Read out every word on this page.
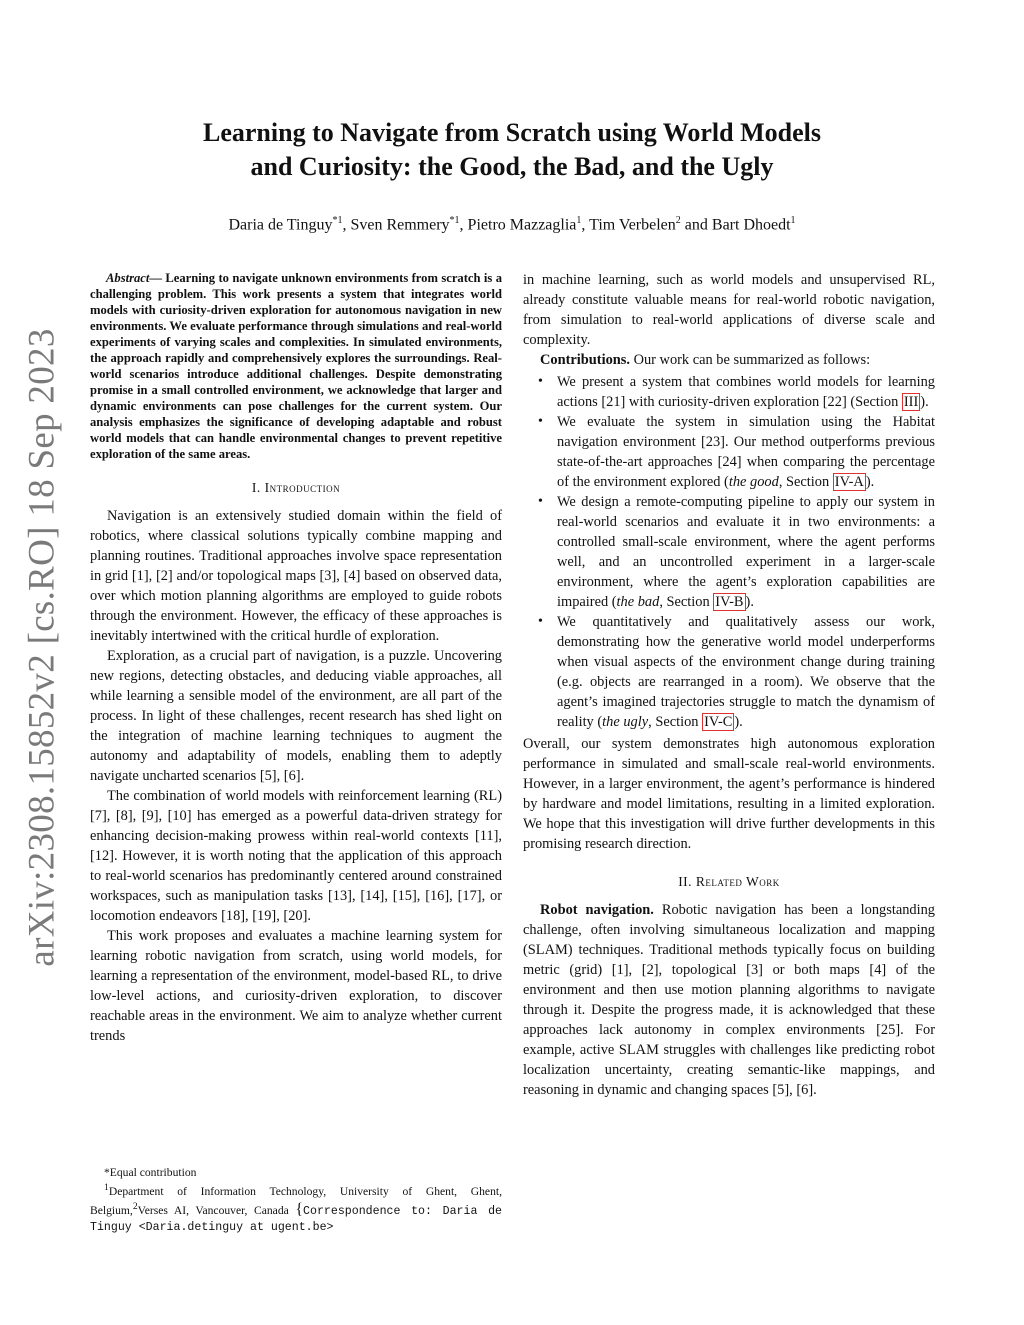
arXiv:2308.15852v2 [cs.RO] 18 Sep 2023
Learning to Navigate from Scratch using World Models
and Curiosity: the Good, the Bad, and the Ugly
Daria de Tinguy$^{*1}$, Sven Remmery$^{*1}$, Pietro Mazzaglia$^1$, Tim Verbelen$^2$ and Bart Dhoedt$^1$

Abstract— Learning to navigate unknown environments from scratch is a challenging problem. This work presents a system that integrates world models with curiosity-driven exploration for autonomous navigation in new environments. We evaluate performance through simulations and real-world experiments of varying scales and complexities. In simulated environments, the approach rapidly and comprehensively explores the surroundings. Real-world scenarios introduce additional challenges. Despite demonstrating promise in a small controlled environment, we acknowledge that larger and dynamic environments can pose challenges for the current system. Our analysis emphasizes the significance of developing adaptable and robust world models that can handle environmental changes to prevent repetitive exploration of the same areas.

I. Introduction

Navigation is an extensively studied domain within the field of robotics, where classical solutions typically combine mapping and planning routines. Traditional approaches involve space representation in grid [1], [2] and/or topological maps [3], [4] based on observed data, over which motion planning algorithms are employed to guide robots through the environment. However, the efficacy of these approaches is inevitably intertwined with the critical hurdle of exploration.

Exploration, as a crucial part of navigation, is a puzzle. Uncovering new regions, detecting obstacles, and deducing viable approaches, all while learning a sensible model of the environment, are all part of the process. In light of these challenges, recent research has shed light on the integration of machine learning techniques to augment the autonomy and adaptability of models, enabling them to adeptly navigate uncharted scenarios [5], [6].

The combination of world models with reinforcement learning (RL) [7], [8], [9], [10] has emerged as a powerful data-driven strategy for enhancing decision-making prowess within real-world contexts [11], [12]. However, it is worth noting that the application of this approach to real-world scenarios has predominantly centered around constrained workspaces, such as manipulation tasks [13], [14], [15], [16], [17], or locomotion endeavors [18], [19], [20].

This work proposes and evaluates a machine learning system for learning robotic navigation from scratch, using world models, for learning a representation of the environment, model-based RL, to drive low-level actions, and curiosity-driven exploration, to discover reachable areas in the environment. We aim to analyze whether current trends

in machine learning, such as world models and unsupervised RL, already constitute valuable means for real-world robotic navigation, from simulation to real-world applications of diverse scale and complexity.

Contributions. Our work can be summarized as follows:

• We present a system that combines world models for learning actions [21] with curiosity-driven exploration [22] (Section III ).
• We evaluate the system in simulation using the Habitat navigation environment [23]. Our method outperforms previous state-of-the-art approaches [24] when comparing the percentage of the environment explored (the good, Section IV-A ).
• We design a remote-computing pipeline to apply our system in real-world scenarios and evaluate it in two environments: a controlled small-scale environment, where the agent performs well, and an uncontrolled experiment in a larger-scale environment, where the agent’s exploration capabilities are impaired (the bad, Section IV-B ).
• We quantitatively and qualitatively assess our work, demonstrating how the generative world model underperforms when visual aspects of the environment change during training (e.g. objects are rearranged in a room). We observe that the agent’s imagined trajectories struggle to match the dynamism of reality (the ugly, Section IV-C ).

Overall, our system demonstrates high autonomous exploration performance in simulated and small-scale real-world environments. However, in a larger environment, the agent’s performance is hindered by hardware and model limitations, resulting in a limited exploration. We hope that this investigation will drive further developments in this promising research direction.

II. Related Work

Robot navigation. Robotic navigation has been a longstanding challenge, often involving simultaneous localization and mapping (SLAM) techniques. Traditional methods typically focus on building metric (grid) [1], [2], topological [3] or both maps [4] of the environment and then use motion planning algorithms to navigate through it. Despite the progress made, it is acknowledged that these approaches lack autonomy in complex environments [25]. For example, active SLAM struggles with challenges like predicting robot localization uncertainty, creating semantic-like mappings, and reasoning in dynamic and changing spaces [5], [6].

*Equal contribution

$^1$Department of Information Technology, University of Ghent, Ghent, Belgium,$^2$Verses AI, Vancouver, Canada {Correspondence to: Daria de Tinguy <Daria.detinguy at ugent.be>
